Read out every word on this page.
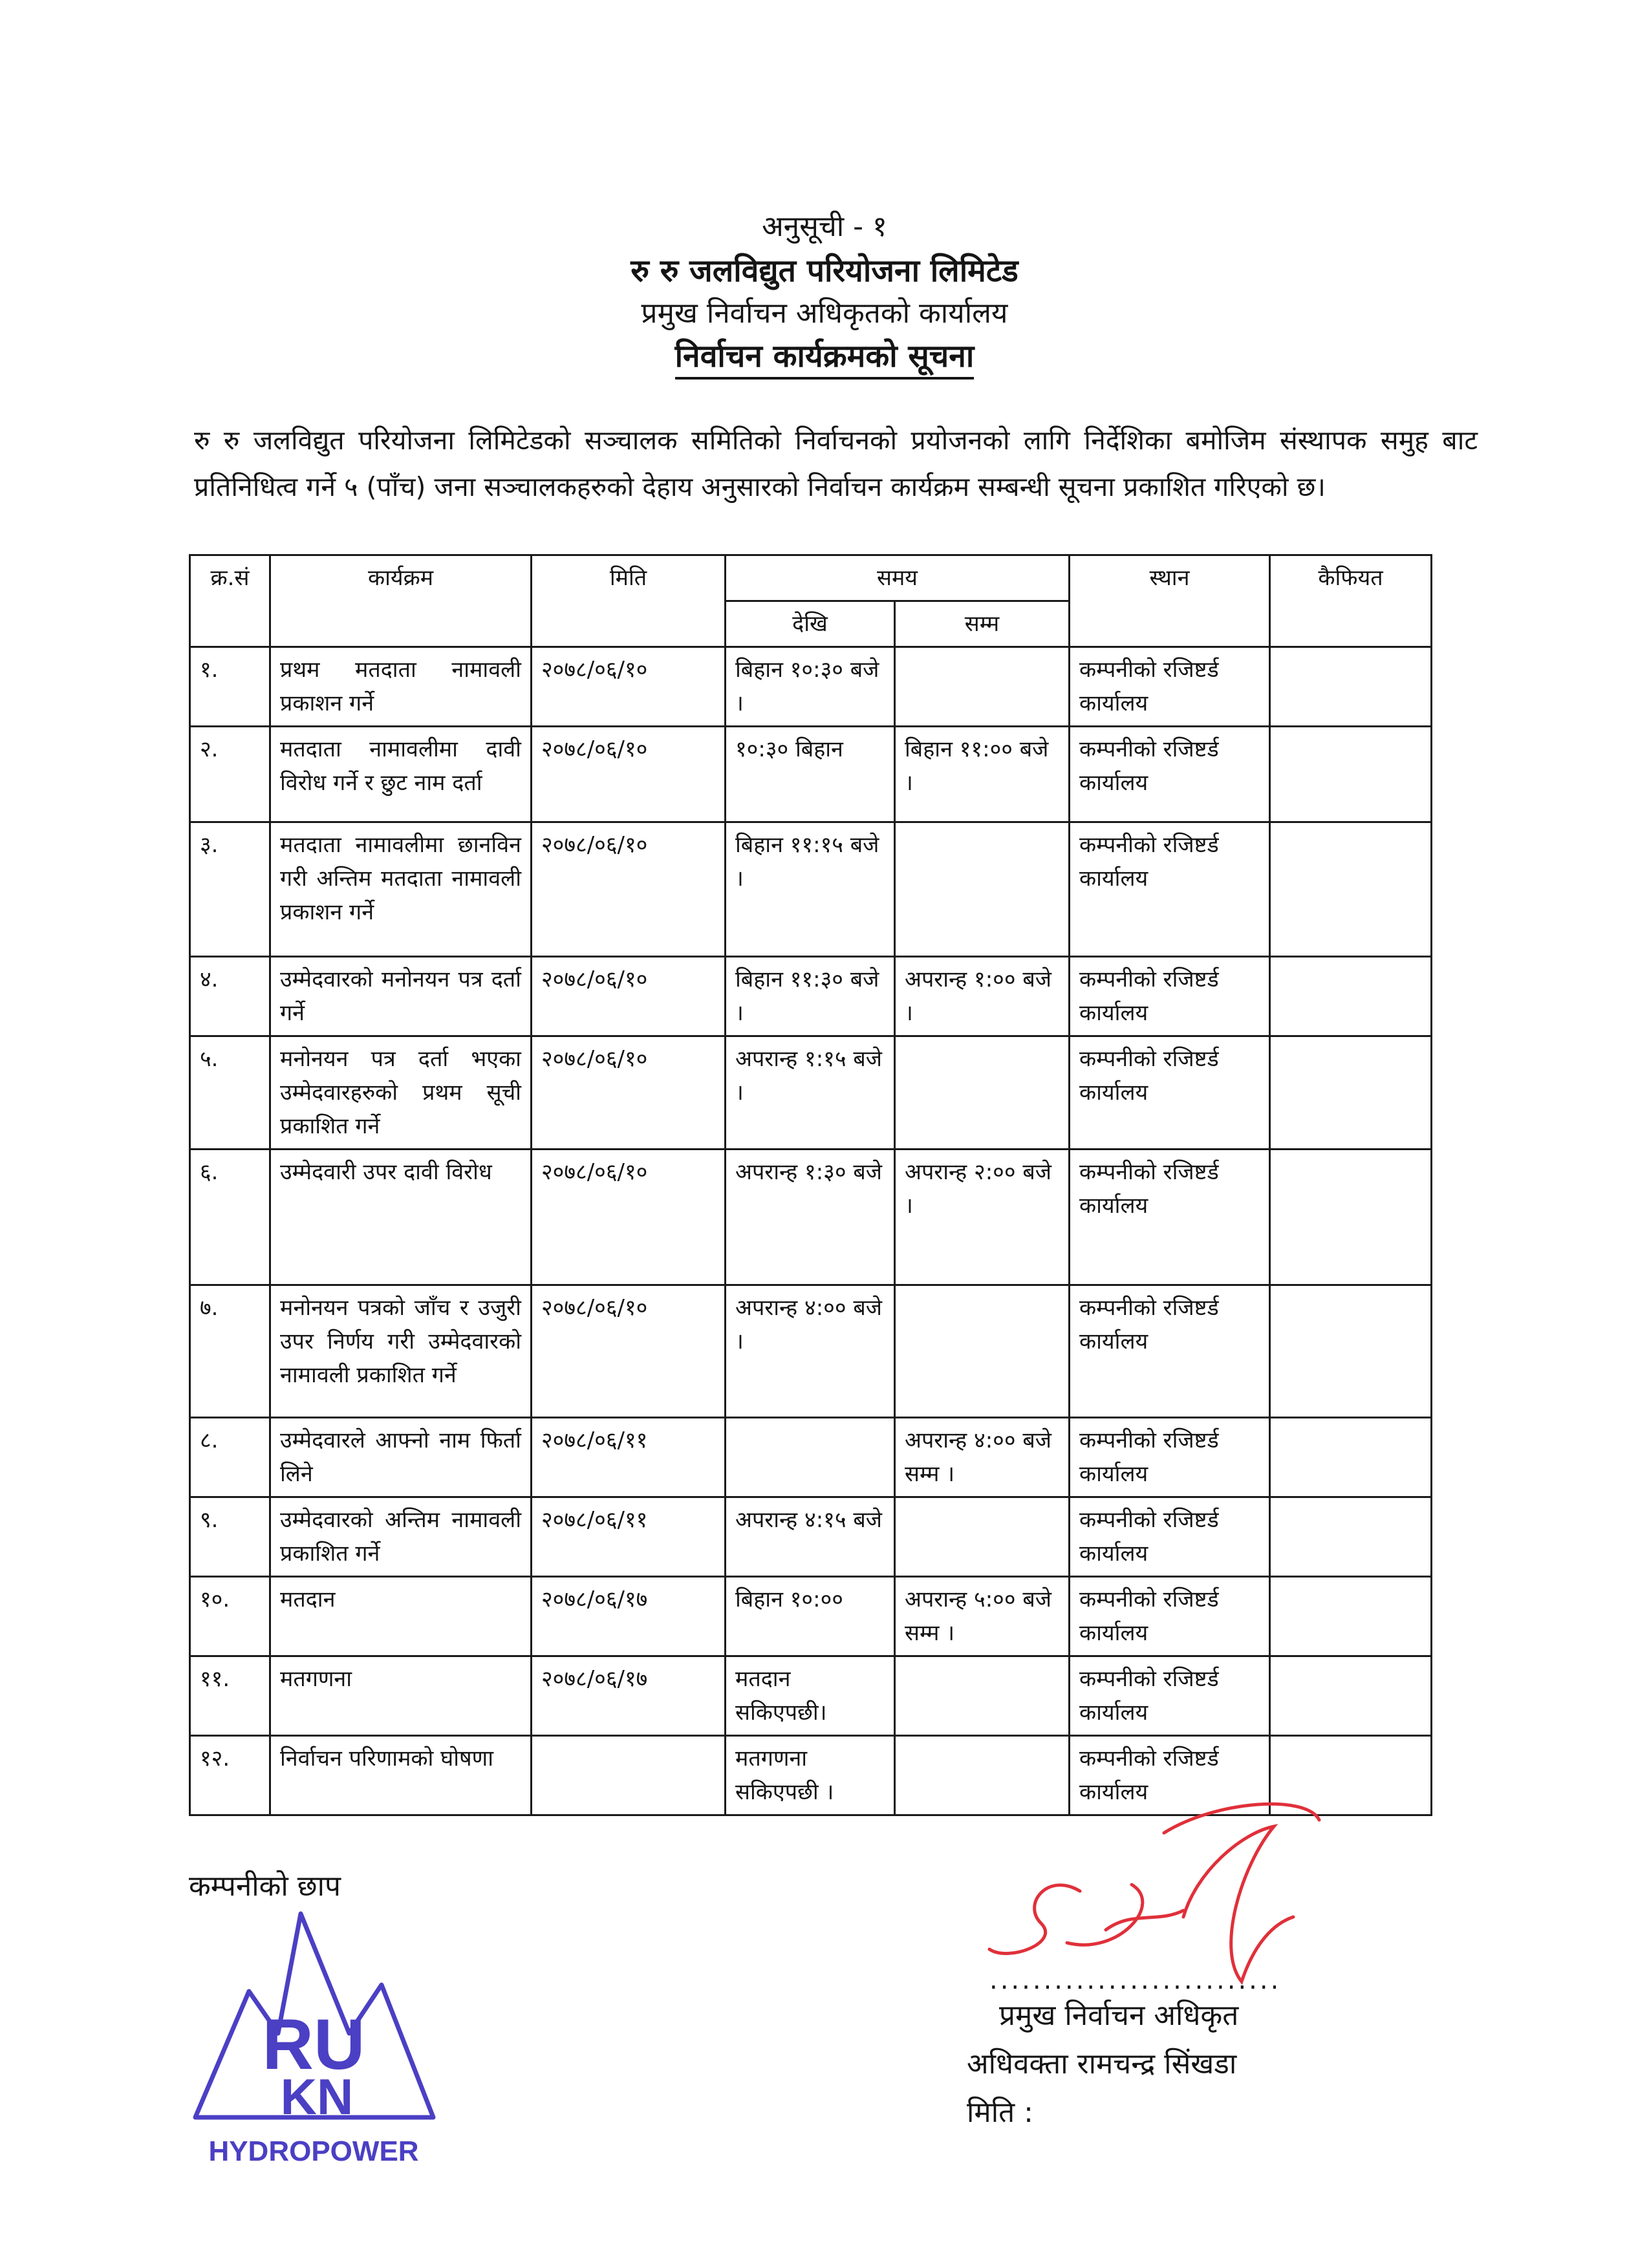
अनुसूची - १
रु रु जलविद्युत परियोजना लिमिटेड
प्रमुख निर्वाचन अधिकृतको कार्यालय
निर्वाचन कार्यक्रमको सूचना
रु रु जलविद्युत परियोजना लिमिटेडको सञ्चालक समितिको निर्वाचनको प्रयोजनको लागि निर्देशिका बमोजिम संस्थापक समुह बाट प्रतिनिधित्व गर्ने ५ (पाँच) जना सञ्चालकहरुको देहाय अनुसारको निर्वाचन कार्यक्रम सम्बन्धी सूचना प्रकाशित गरिएको छ।
क्र.सं	कार्यक्रम	मिति	समय		स्थान	कैफियत
			देखि	सम्म		
१.	प्रथम मतदाता नामावली प्रकाशन गर्ने	२०७८/०६/१०	बिहान १०:३० बजे ।		कम्पनीको रजिष्टर्ड कार्यालय	
२.	मतदाता नामावलीमा दावी विरोध गर्ने र छुट नाम दर्ता	२०७८/०६/१०	१०:३० बिहान	बिहान ११:०० बजे ।	कम्पनीको रजिष्टर्ड कार्यालय	
३.	मतदाता नामावलीमा छानविन गरी अन्तिम मतदाता नामावली प्रकाशन गर्ने	२०७८/०६/१०	बिहान ११:१५ बजे ।		कम्पनीको रजिष्टर्ड कार्यालय	
४.	उम्मेदवारको मनोनयन पत्र दर्ता गर्ने	२०७८/०६/१०	बिहान ११:३० बजे ।	अपरान्ह १:०० बजे ।	कम्पनीको रजिष्टर्ड कार्यालय	
५.	मनोनयन पत्र दर्ता भएका उम्मेदवारहरुको प्रथम सूची प्रकाशित गर्ने	२०७८/०६/१०	अपरान्ह १:१५ बजे ।		कम्पनीको रजिष्टर्ड कार्यालय	
६.	उम्मेदवारी उपर दावी विरोध	२०७८/०६/१०	अपरान्ह १:३० बजे	अपरान्ह २:०० बजे ।	कम्पनीको रजिष्टर्ड कार्यालय	
७.	मनोनयन पत्रको जाँच र उजुरी उपर निर्णय गरी उम्मेदवारको नामावली प्रकाशित गर्ने	२०७८/०६/१०	अपरान्ह ४:०० बजे ।		कम्पनीको रजिष्टर्ड कार्यालय	
८.	उम्मेदवारले आफ्नो नाम फिर्ता लिने	२०७८/०६/११		अपरान्ह ४:०० बजे सम्म ।	कम्पनीको रजिष्टर्ड कार्यालय	
९.	उम्मेदवारको अन्तिम नामावली प्रकाशित गर्ने	२०७८/०६/११	अपरान्ह ४:१५ बजे		कम्पनीको रजिष्टर्ड कार्यालय	
१०.	मतदान	२०७८/०६/१७	बिहान १०:००	अपरान्ह ५:०० बजे सम्म ।	कम्पनीको रजिष्टर्ड कार्यालय	
११.	मतगणना	२०७८/०६/१७	मतदान सकिएपछी।		कम्पनीको रजिष्टर्ड कार्यालय	
१२.	निर्वाचन परिणामको घोषणा		मतगणना सकिएपछी ।		कम्पनीको रजिष्टर्ड कार्यालय	
कम्पनीको छाप
RU
KN
HYDROPOWER
...........................
प्रमुख निर्वाचन अधिकृत
अधिवक्ता रामचन्द्र सिंखडा
मिति :
